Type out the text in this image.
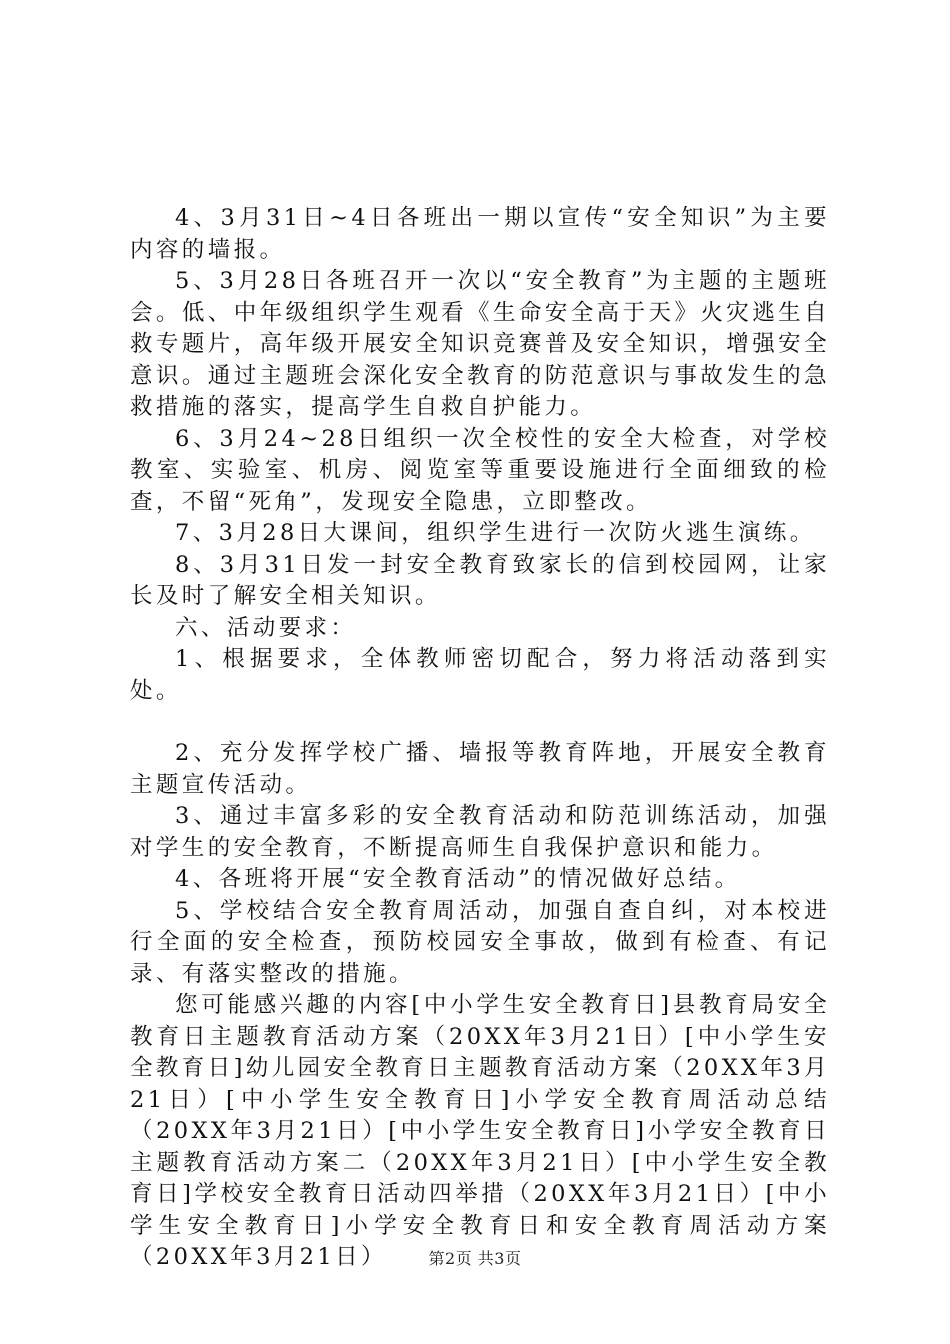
4、3月31日~4日各班出一期以宣传“安全知识”为主要内容的墙报。

5、3月28日各班召开一次以“安全教育”为主题的主题班会。低、中年级组织学生观看《生命安全高于天》火灾逃生自救专题片，高年级开展安全知识竞赛普及安全知识，增强安全意识。通过主题班会深化安全教育的防范意识与事故发生的急救措施的落实，提高学生自救自护能力。

6、3月24~28日组织一次全校性的安全大检查，对学校教室、实验室、机房、阅览室等重要设施进行全面细致的检查，不留“死角”，发现安全隐患，立即整改。

7、3月28日大课间，组织学生进行一次防火逃生演练。

8、3月31日发一封安全教育致家长的信到校园网，让家长及时了解安全相关知识。

六、活动要求：

1、根据要求，全体教师密切配合，努力将活动落到实处。

2、充分发挥学校广播、墙报等教育阵地，开展安全教育主题宣传活动。

3、通过丰富多彩的安全教育活动和防范训练活动，加强对学生的安全教育，不断提高师生自我保护意识和能力。

4、各班将开展“安全教育活动”的情况做好总结。

5、学校结合安全教育周活动，加强自查自纠，对本校进行全面的安全检查，预防校园安全事故，做到有检查、有记录、有落实整改的措施。

您可能感兴趣的内容[中小学生安全教育日]县教育局安全教育日主题教育活动方案（20XX年3月21日）[中小学生安全教育日]幼儿园安全教育日主题教育活动方案（20XX年3月21日）[中小学生安全教育日]小学安全教育周活动总结（20XX年3月21日）[中小学生安全教育日]小学安全教育日主题教育活动方案二（20XX年3月21日）[中小学生安全教育日]学校安全教育日活动四举措（20XX年3月21日）[中小学生安全教育日]小学安全教育日和安全教育周活动方案（20XX年3月21日）	第2页 共3页
